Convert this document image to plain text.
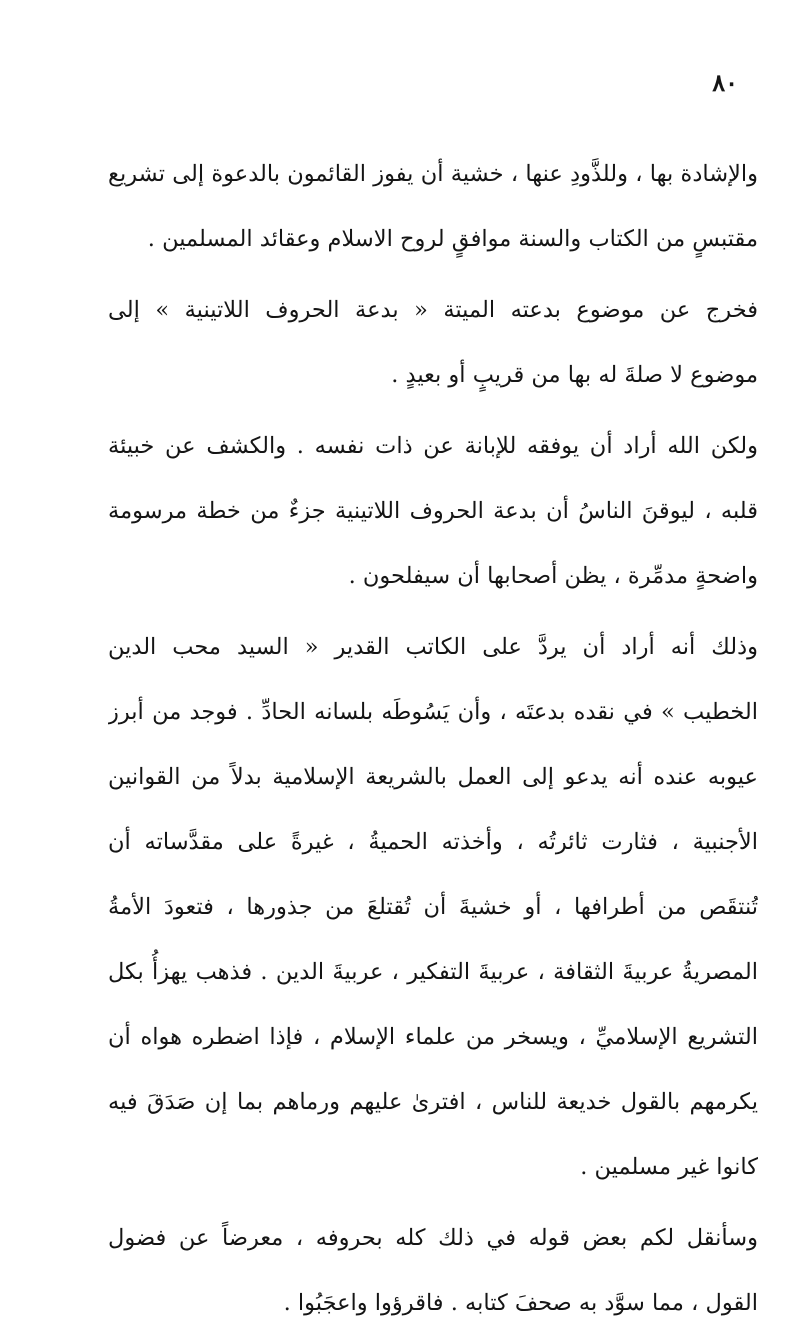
٨٠
والإشادة بها ، وللذَّودِ عنها ، خشية أن يفوز القائمون بالدعوة إلى تشريع
مقتبسٍ من الكتاب والسنة موافقٍ لروح الاسلام وعقائد المسلمين .
فخرج عن موضوع بدعته الميتة « بدعة الحروف اللاتينية » إلى
موضوع لا صلةَ له بها من قريبٍ أو بعيدٍ .
ولكن الله أراد أن يوفقه للإبانة عن ذات نفسه . والكشف عن خبيئة
قلبه ، ليوقنَ الناسُ أن بدعة الحروف اللاتينية جزءٌ من خطة مرسومة
واضحةٍ مدمِّرة ، يظن أصحابها أن سيفلحون .
وذلك أنه أراد أن يردَّ على الكاتب القدير « السيد محب الدين
الخطيب » في نقده بدعتَه ، وأن يَسُوطَه بلسانه الحادِّ . فوجد من أبرز
عيوبه عنده أنه يدعو إلى العمل بالشريعة الإسلامية بدلاً من القوانين
الأجنبية ، فثارت ثائرتُه ، وأخذته الحميةُ ، غيرةً على مقدَّساته أن
تُنتقَص من أطرافها ، أو خشيةَ أن تُقتلعَ من جذورها ، فتعودَ الأمةُ
المصريةُ عربيةَ الثقافة ، عربيةَ التفكير ، عربيةَ الدين . فذهب يهزأُ بكل
التشريع الإسلاميِّ ، ويسخر من علماء الإسلام ، فإذا اضطره هواه أن
يكرمهم بالقول خديعة للناس ، افترىٰ عليهم ورماهم بما إن صَدَقَ فيه
كانوا غير مسلمين .
وسأنقل لكم بعض قوله في ذلك كله بحروفه ، معرضاً عن فضول
القول ، مما سوَّد به صحفَ كتابه . فاقرؤوا واعجَبُوا .
